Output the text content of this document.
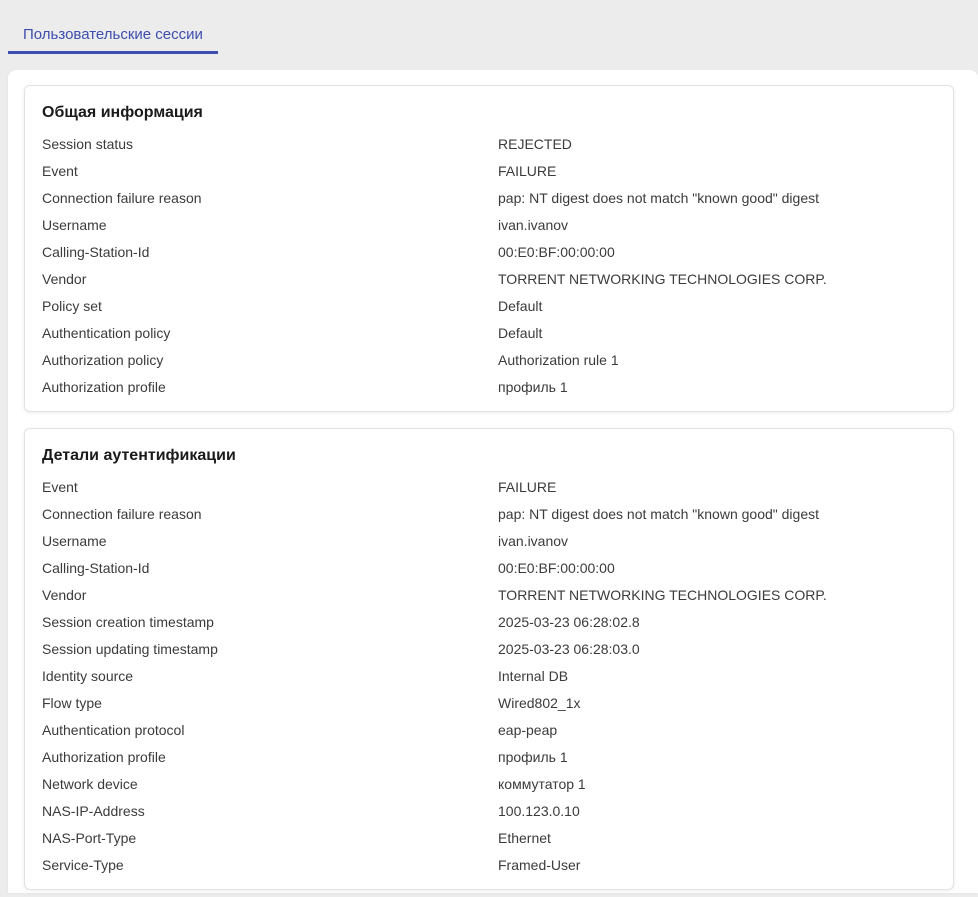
Пользовательские сессии
Общая информация
Session status	REJECTED
Event	FAILURE
Connection failure reason	pap: NT digest does not match "known good" digest
Username	ivan.ivanov
Calling-Station-Id	00:E0:BF:00:00:00
Vendor	TORRENT NETWORKING TECHNOLOGIES CORP.
Policy set	Default
Authentication policy	Default
Authorization policy	Authorization rule 1
Authorization profile	профиль 1
Детали аутентификации
Event	FAILURE
Connection failure reason	pap: NT digest does not match "known good" digest
Username	ivan.ivanov
Calling-Station-Id	00:E0:BF:00:00:00
Vendor	TORRENT NETWORKING TECHNOLOGIES CORP.
Session creation timestamp	2025-03-23 06:28:02.8
Session updating timestamp	2025-03-23 06:28:03.0
Identity source	Internal DB
Flow type	Wired802_1x
Authentication protocol	eap-peap
Authorization profile	профиль 1
Network device	коммутатор 1
NAS-IP-Address	100.123.0.10
NAS-Port-Type	Ethernet
Service-Type	Framed-User
